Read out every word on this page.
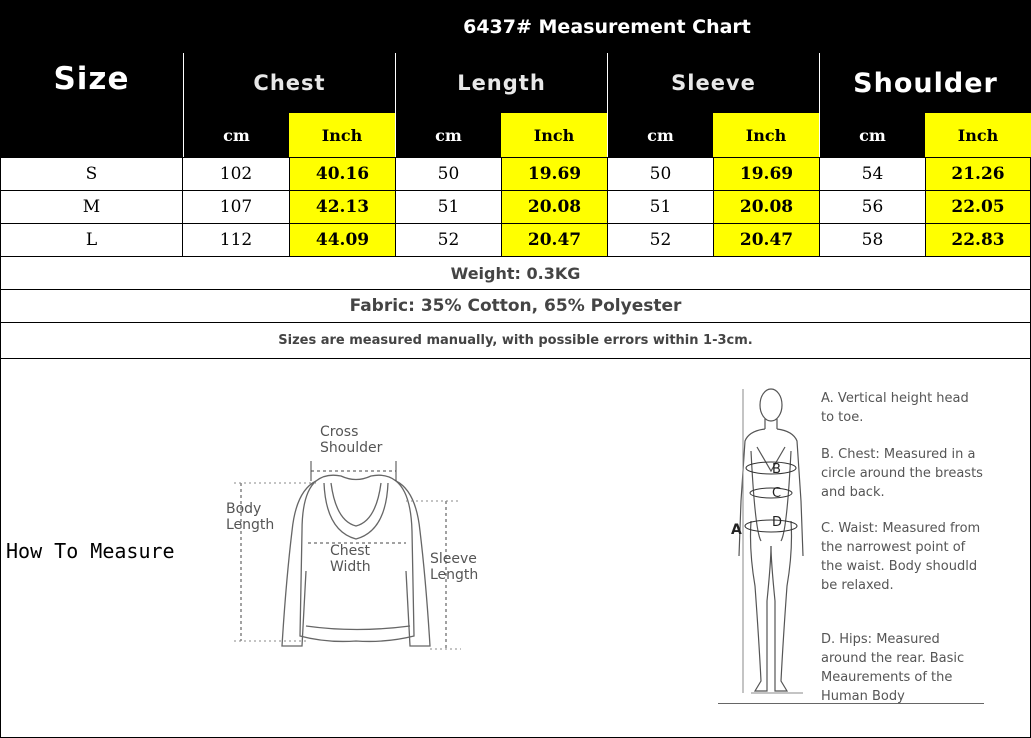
Size
6437# Measurement Chart
Chest	Length	Sleeve	Shoulder
cm	Inch	cm	Inch	cm	Inch	cm	Inch
S	102	40.16	50	19.69	50	19.69	54	21.26
M	107	42.13	51	20.08	51	20.08	56	22.05
L	112	44.09	52	20.47	52	20.47	58	22.83
Weight: 0.3KG
Fabric: 35% Cotton, 65% Polyester
Sizes are measured manually, with possible errors within 1-3cm.
How To Measure
Cross Shoulder
Body Length
Chest Width	Sleeve Length
A
B
C
D
A. Vertical height head to toe.
B. Chest: Measured in a circle around the breasts and back.
C. Waist: Measured from the narrowest point of the waist. Body shoudld be relaxed.
D. Hips: Measured around the rear. Basic Meaurements of the Human Body
